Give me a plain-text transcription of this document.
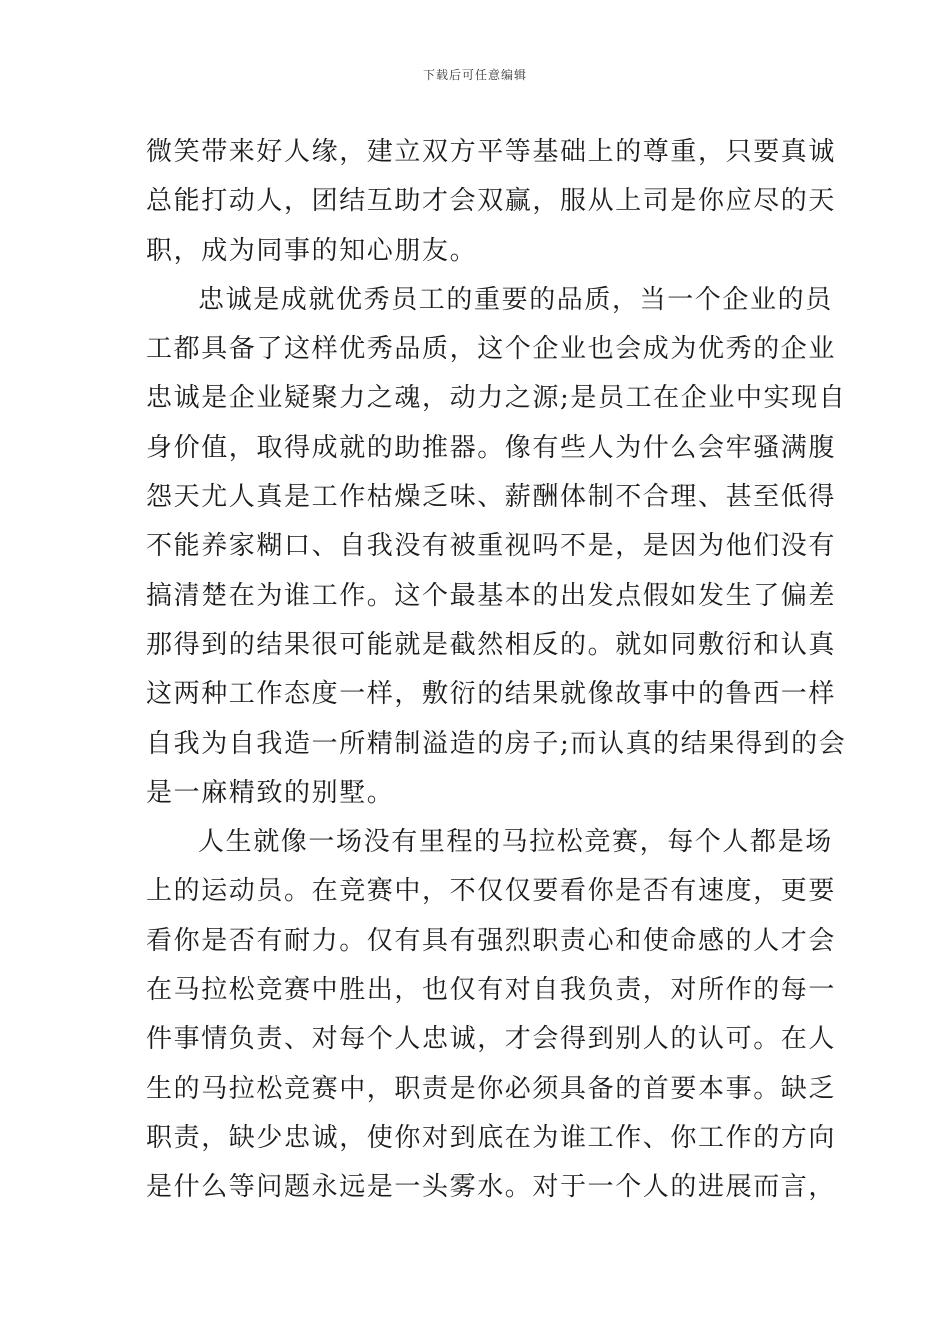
下载后可任意编辑
微笑带来好人缘，建立双方平等基础上的尊重，只要真诚
总能打动人，团结互助才会双赢，服从上司是你应尽的天
职，成为同事的知心朋友。
忠诚是成就优秀员工的重要的品质，当一个企业的员
工都具备了这样优秀品质，这个企业也会成为优秀的企业
忠诚是企业疑聚力之魂，动力之源;是员工在企业中实现自
身价值，取得成就的助推器。像有些人为什么会牢骚满腹
怨天尤人真是工作枯燥乏味、薪酬体制不合理、甚至低得
不能养家糊口、自我没有被重视吗不是，是因为他们没有
搞清楚在为谁工作。这个最基本的出发点假如发生了偏差
那得到的结果很可能就是截然相反的。就如同敷衍和认真
这两种工作态度一样，敷衍的结果就像故事中的鲁西一样
自我为自我造一所精制溢造的房子;而认真的结果得到的会
是一麻精致的别墅。
人生就像一场没有里程的马拉松竞赛，每个人都是场
上的运动员。在竞赛中，不仅仅要看你是否有速度，更要
看你是否有耐力。仅有具有强烈职责心和使命感的人才会
在马拉松竞赛中胜出，也仅有对自我负责，对所作的每一
件事情负责、对每个人忠诚，才会得到别人的认可。在人
生的马拉松竞赛中，职责是你必须具备的首要本事。缺乏
职责，缺少忠诚，使你对到底在为谁工作、你工作的方向
是什么等问题永远是一头雾水。对于一个人的进展而言，
